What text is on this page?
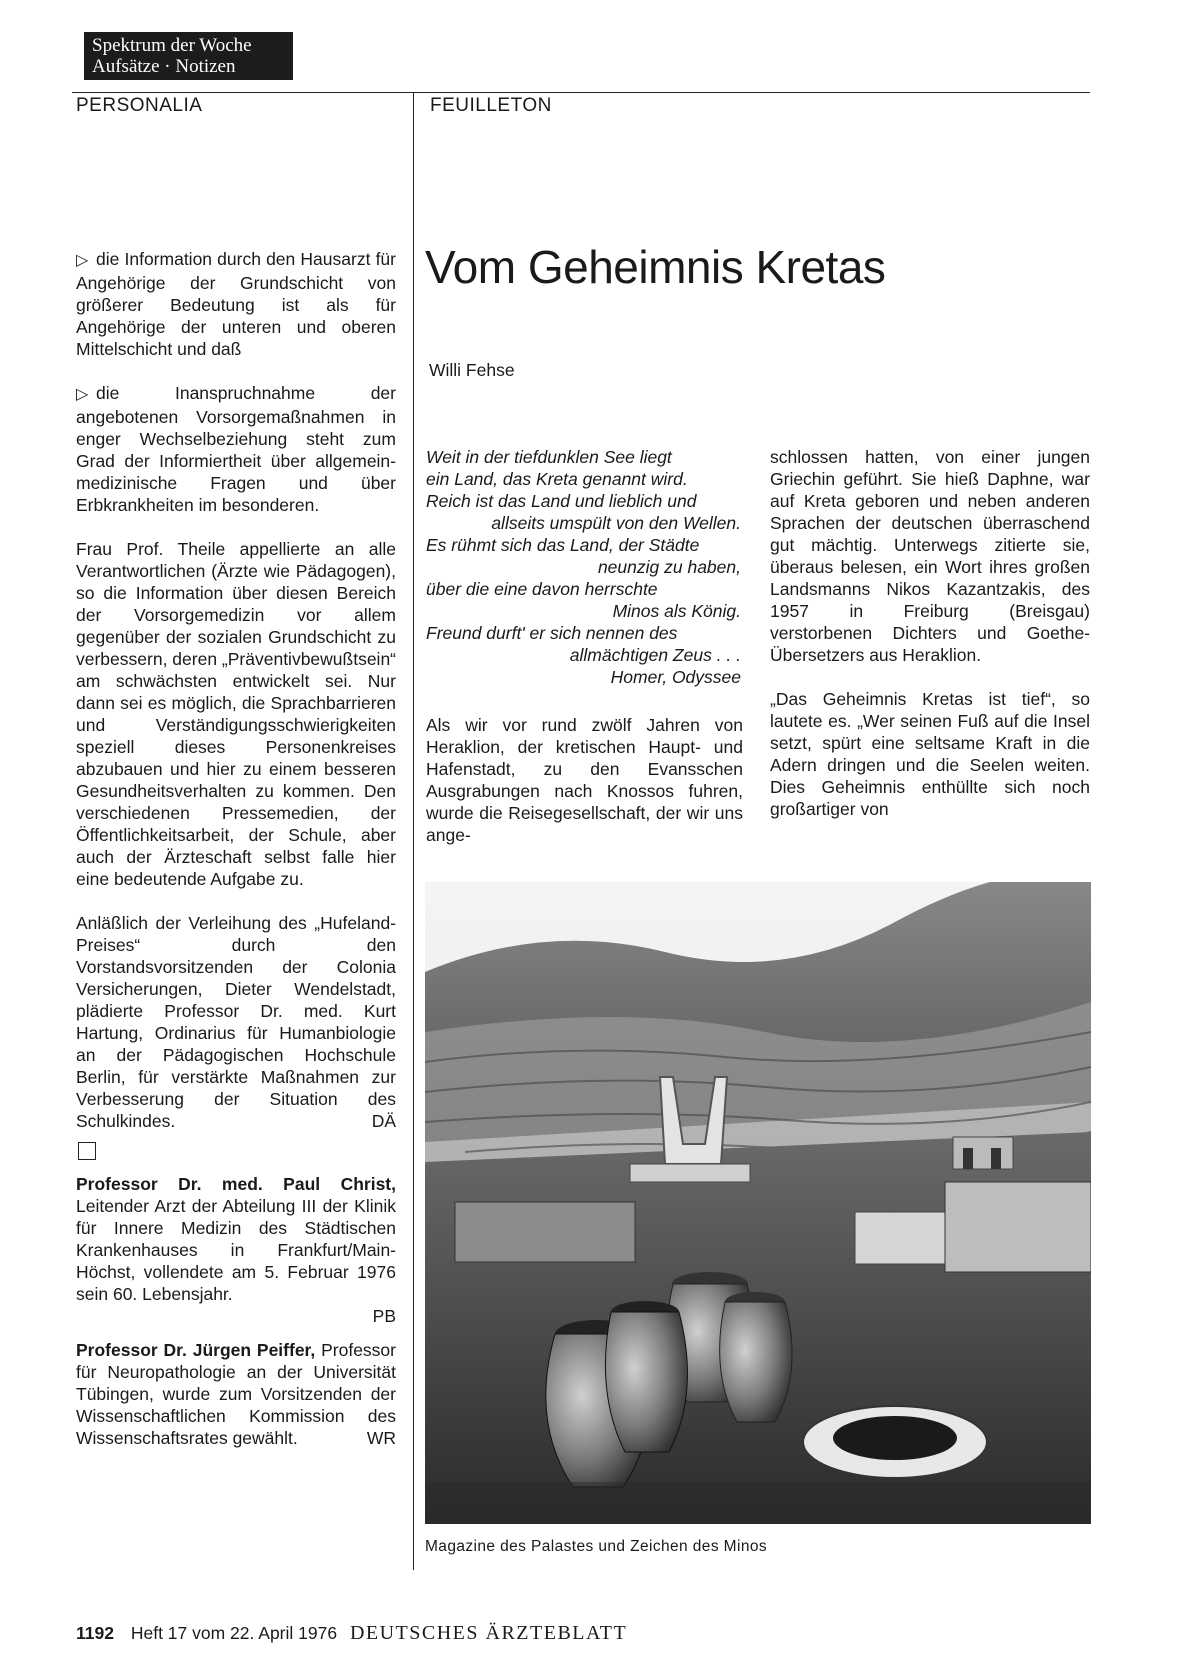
Spektrum der Woche
Aufsätze · Notizen
PERSONALIA	FEUILLETON

▷ die Information durch den Hausarzt für Angehörige der Grundschicht von größerer Bedeutung ist als für Angehörige der unteren und oberen Mittelschicht und daß

▷ die Inanspruchnahme der angebotenen Vorsorgemaßnahmen in enger Wechselbeziehung steht zum Grad der Informiertheit über allgemein-medizinische Fragen und über Erbkrankheiten im besonderen.

Frau Prof. Theile appellierte an alle Verantwortlichen (Ärzte wie Pädagogen), so die Information über diesen Bereich der Vorsorgemedizin vor allem gegenüber der sozialen Grundschicht zu verbessern, deren „Präventivbewußtsein“ am schwächsten entwickelt sei. Nur dann sei es möglich, die Sprachbarrieren und Verständigungsschwierigkeiten speziell dieses Personenkreises abzubauen und hier zu einem besseren Gesundheitsverhalten zu kommen. Den verschiedenen Pressemedien, der Öffentlichkeitsarbeit, der Schule, aber auch der Ärzteschaft selbst falle hier eine bedeutende Aufgabe zu.

Anläßlich der Verleihung des „Hufeland-Preises“ durch den Vorstandsvorsitzenden der Colonia Versicherungen, Dieter Wendelstadt, plädierte Professor Dr. med. Kurt Hartung, Ordinarius für Humanbiologie an der Pädagogischen Hochschule Berlin, für verstärkte Maßnahmen zur Verbesserung der Situation des Schulkindes.	DÄ

Professor Dr. med. Paul Christ, Leitender Arzt der Abteilung III der Klinik für Innere Medizin des Städtischen Krankenhauses in Frankfurt/Main-Höchst, vollendete am 5. Februar 1976 sein 60. Lebensjahr.

PB

Professor Dr. Jürgen Peiffer, Professor für Neuropathologie an der Universität Tübingen, wurde zum Vorsitzenden der Wissenschaftlichen Kommission des Wissenschaftsrates gewählt.	WR
Vom Geheimnis Kretas
Willi Fehse
Weit in der tiefdunklen See liegt
ein Land, das Kreta genannt wird.
Reich ist das Land und lieblich und
allseits umspült von den Wellen.
Es rühmt sich das Land, der Städte
neunzig zu haben,
über die eine davon herrschte
Minos als König.
Freund durft' er sich nennen des
allmächtigen Zeus . . .
Homer, Odyssee

Als wir vor rund zwölf Jahren von Heraklion, der kretischen Haupt- und Hafenstadt, zu den Evansschen Ausgrabungen nach Knossos fuhren, wurde die Reisegesellschaft, der wir uns ange-

schlossen hatten, von einer jungen Griechin geführt. Sie hieß Daphne, war auf Kreta geboren und neben anderen Sprachen der deutschen überraschend gut mächtig. Unterwegs zitierte sie, überaus belesen, ein Wort ihres großen Landsmanns Nikos Kazantzakis, des 1957 in Freiburg (Breisgau) verstorbenen Dichters und Goethe-Übersetzers aus Heraklion.

„Das Geheimnis Kretas ist tief“, so lautete es. „Wer seinen Fuß auf die Insel setzt, spürt eine seltsame Kraft in die Adern dringen und die Seelen weiten. Dies Geheimnis enthüllte sich noch großartiger von

Magazine des Palastes und Zeichen des Minos
1192 Heft 17 vom 22. April 1976 DEUTSCHES ÄRZTEBLATT
